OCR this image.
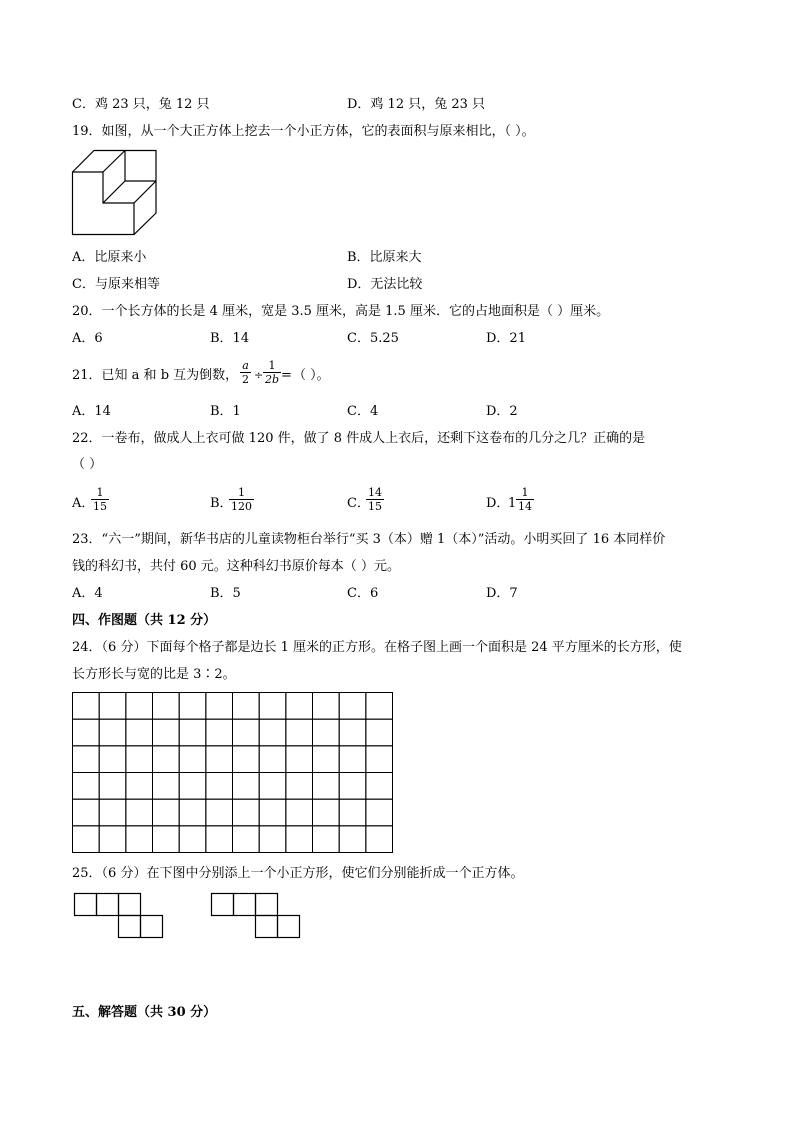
C．鸡 23 只，兔 12 只	D．鸡 12 只，兔 23 只
19．如图，从一个大正方体上挖去一个小正方体，它的表面积与原来相比，（ ）。
A．比原来小	B．比原来大
C．与原来相等	D．无法比较
20．一个长方体的长是 4 厘米，宽是 3.5 厘米，高是 1.5 厘米．它的占地面积是（ ）厘米。
A．6	B．14	C．5.25	D．21
21．已知 a 和 b 互为倒数， $\frac{a}{2} \div \frac{1}{2b}$ = （ ）。
A．14	B．1	C．4	D．2
22．一卷布，做成人上衣可做 120 件，做了 8 件成人上衣后，还剩下这卷布的几分之几？正确的是
（ ）
A．
$\frac{1}{15}$	B．
$\frac{1}{120}$	C．
$\frac{14}{15}$	D．
$1 \frac{1}{14}$
23．“六一”期间，新华书店的儿童读物柜台举行“买 3（本）赠 1（本）”活动。小明买回了 16 本同样价
钱的科幻书，共付 60 元。这种科幻书原价每本（ ）元。
A．4	B．5	C．6	D．7
四、作图题（共 12 分）
24．（6 分）下面每个格子都是边长 1 厘米的正方形。在格子图上画一个面积是 24 平方厘米的长方形，使
长方形长与宽的比是 3∶2。
25．（6 分）在下图中分别添上一个小正方形，使它们分别能折成一个正方体。
五、解答题（共 30 分）
